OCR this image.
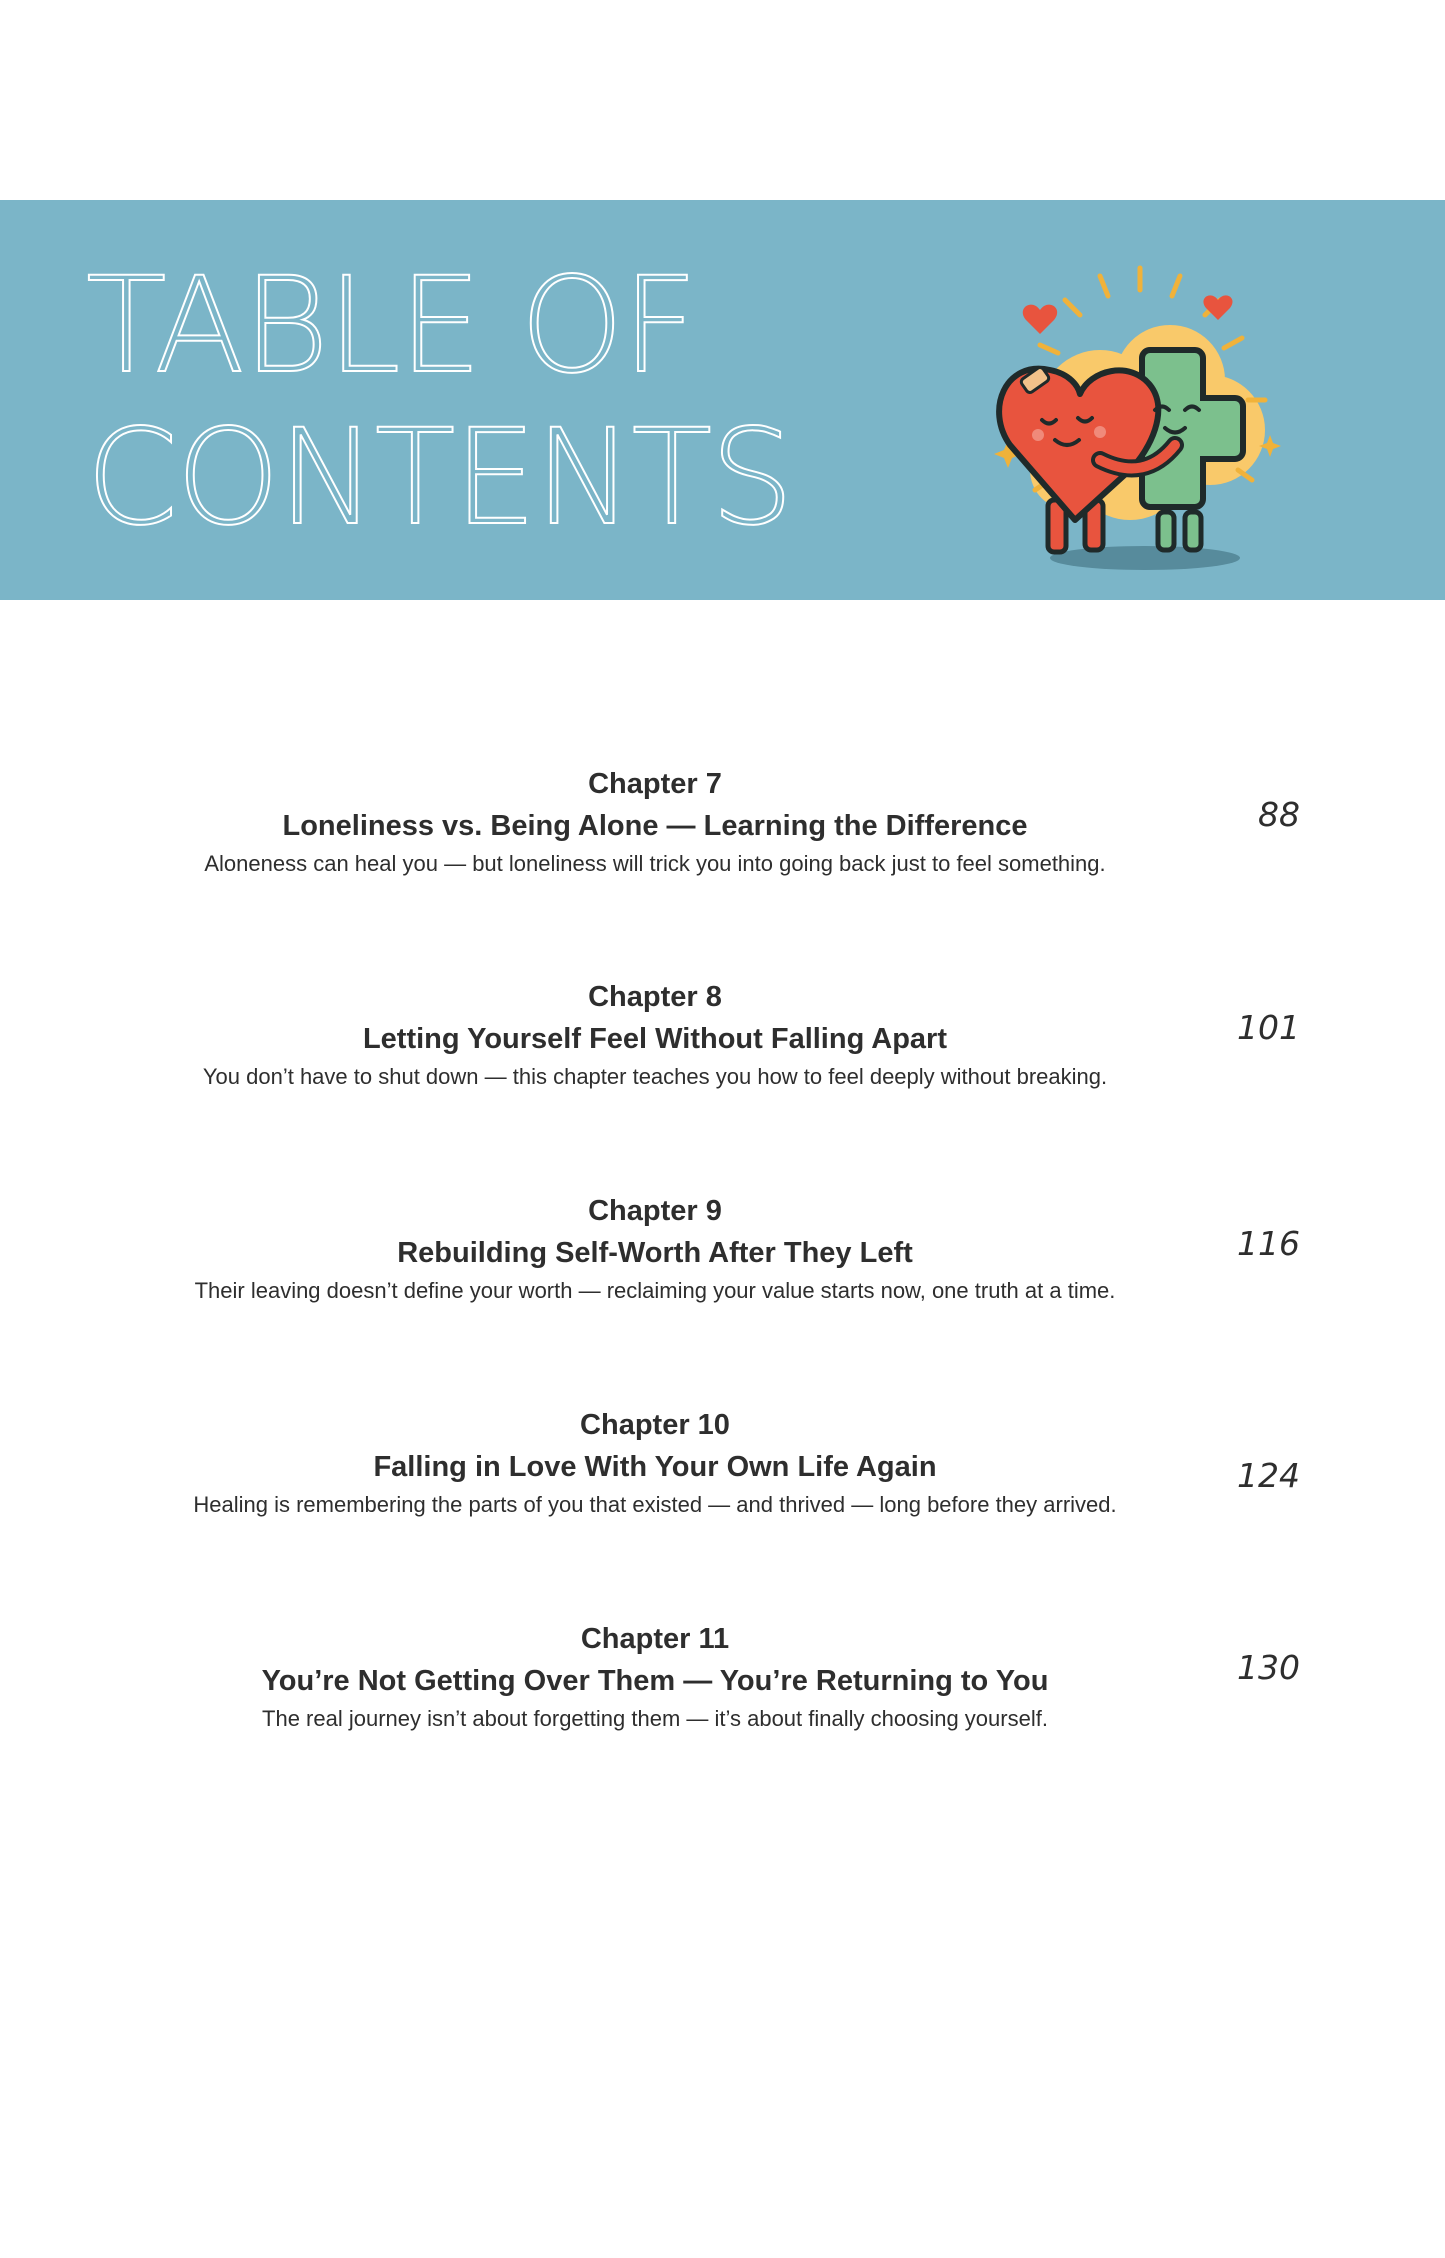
TABLE OF
CONTENTS
Chapter 7
Loneliness vs. Being Alone — Learning the Difference
Aloneness can heal you — but loneliness will trick you into going back just to feel something.
88
Chapter 8
Letting Yourself Feel Without Falling Apart
You don’t have to shut down — this chapter teaches you how to feel deeply without breaking.
101
Chapter 9
Rebuilding Self-Worth After They Left
Their leaving doesn’t define your worth — reclaiming your value starts now, one truth at a time.
116
Chapter 10
Falling in Love With Your Own Life Again
Healing is remembering the parts of you that existed — and thrived — long before they arrived.
124
Chapter 11
You’re Not Getting Over Them — You’re Returning to You
The real journey isn’t about forgetting them — it’s about finally choosing yourself.
130
